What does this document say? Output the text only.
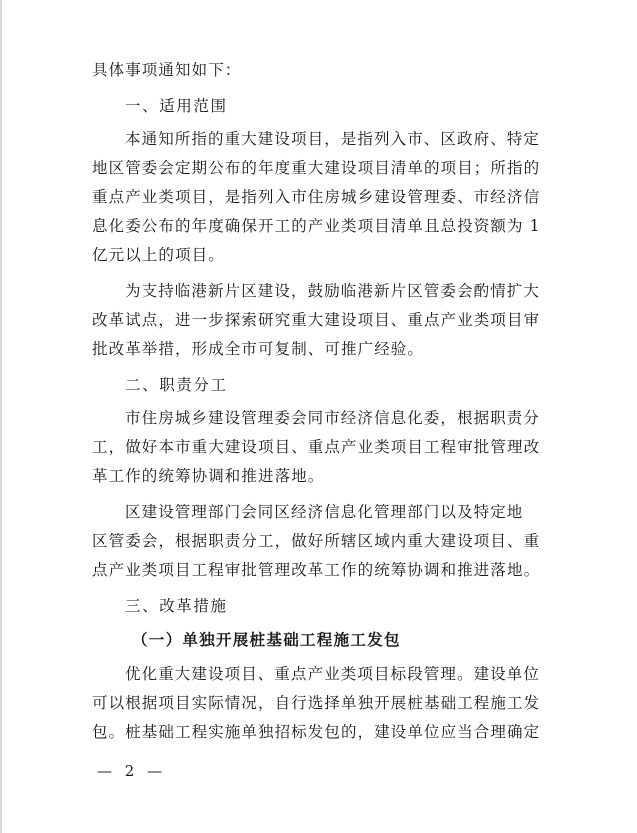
具体事项通知如下：
一、适用范围
本通知所指的重大建设项目，是指列入市、区政府、特定
地区管委会定期公布的年度重大建设项目清单的项目；所指的
重点产业类项目，是指列入市住房城乡建设管理委、市经济信
息化委公布的年度确保开工的产业类项目清单且总投资额为 1
亿元以上的项目。
为支持临港新片区建设，鼓励临港新片区管委会酌情扩大
改革试点，进一步探索研究重大建设项目、重点产业类项目审
批改革举措，形成全市可复制、可推广经验。
二、职责分工
市住房城乡建设管理委会同市经济信息化委，根据职责分
工，做好本市重大建设项目、重点产业类项目工程审批管理改
革工作的统筹协调和推进落地。
区建设管理部门会同区经济信息化管理部门以及特定地
区管委会，根据职责分工，做好所辖区域内重大建设项目、重
点产业类项目工程审批管理改革工作的统筹协调和推进落地。
三、改革措施
（一）单独开展桩基础工程施工发包
优化重大建设项目、重点产业类项目标段管理。建设单位
可以根据项目实际情况，自行选择单独开展桩基础工程施工发
包。桩基础工程实施单独招标发包的，建设单位应当合理确定
— 2 —
